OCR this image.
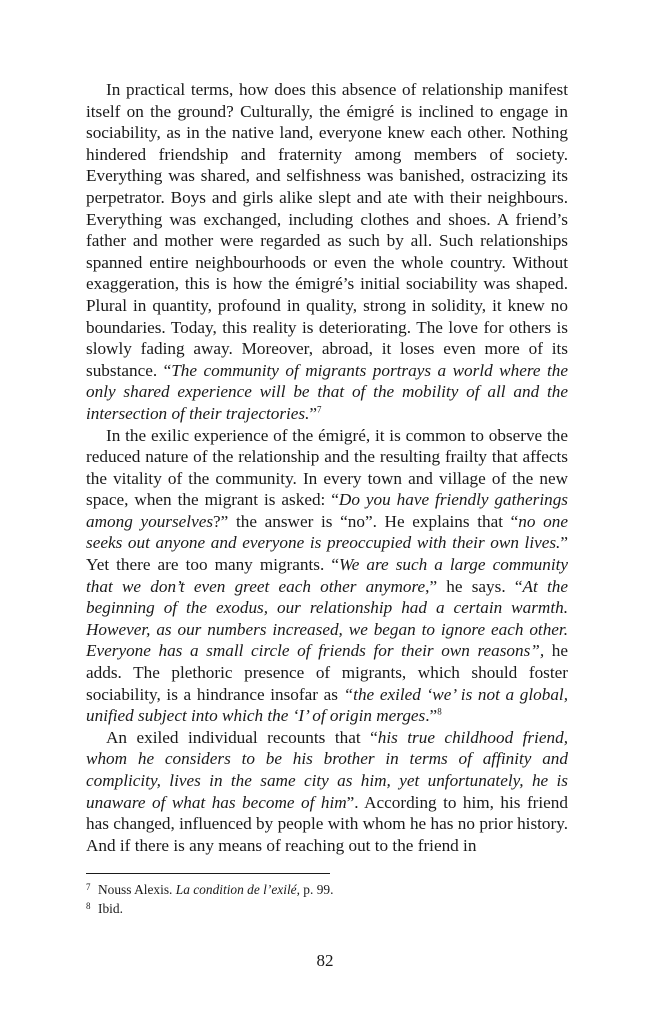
In practical terms, how does this absence of relationship manifest itself on the ground? Culturally, the émigré is inclined to engage in sociability, as in the native land, everyone knew each other. Nothing hindered friendship and fraternity among members of society. Everything was shared, and selfishness was banished, ostracizing its perpetrator. Boys and girls alike slept and ate with their neighbours. Everything was exchanged, including clothes and shoes. A friend’s father and mother were regarded as such by all. Such relationships spanned entire neighbourhoods or even the whole country. Without exaggeration, this is how the émigré’s initial sociability was shaped. Plural in quantity, profound in quality, strong in solidity, it knew no boundaries. Today, this reality is deteriorating. The love for others is slowly fading away. Moreover, abroad, it loses even more of its substance. “The community of migrants portrays a world where the only shared experience will be that of the mobility of all and the intersection of their trajectories.”$^7$

In the exilic experience of the émigré, it is common to observe the reduced nature of the relationship and the resulting frailty that affects the vitality of the community. In every town and village of the new space, when the migrant is asked: “Do you have friendly gatherings among yourselves?” the answer is “no”. He explains that “no one seeks out anyone and everyone is preoccupied with their own lives.” Yet there are too many migrants. “We are such a large community that we don’t even greet each other anymore,” he says. “At the beginning of the exodus, our relationship had a certain warmth. However, as our numbers increased, we began to ignore each other. Everyone has a small circle of friends for their own reasons”, he adds. The plethoric presence of migrants, which should foster sociability, is a hindrance insofar as “the exiled ‘we’ is not a global, unified subject into which the ‘I’ of origin merges.”$^8$

An exiled individual recounts that “his true childhood friend, whom he considers to be his brother in terms of affinity and complicity, lives in the same city as him, yet unfortunately, he is unaware of what has become of him”. According to him, his friend has changed, influenced by people with whom he has no prior history. And if there is any means of reaching out to the friend in

7 Nouss Alexis. La condition de l’exilé, p. 99.

8 Ibid.

82
